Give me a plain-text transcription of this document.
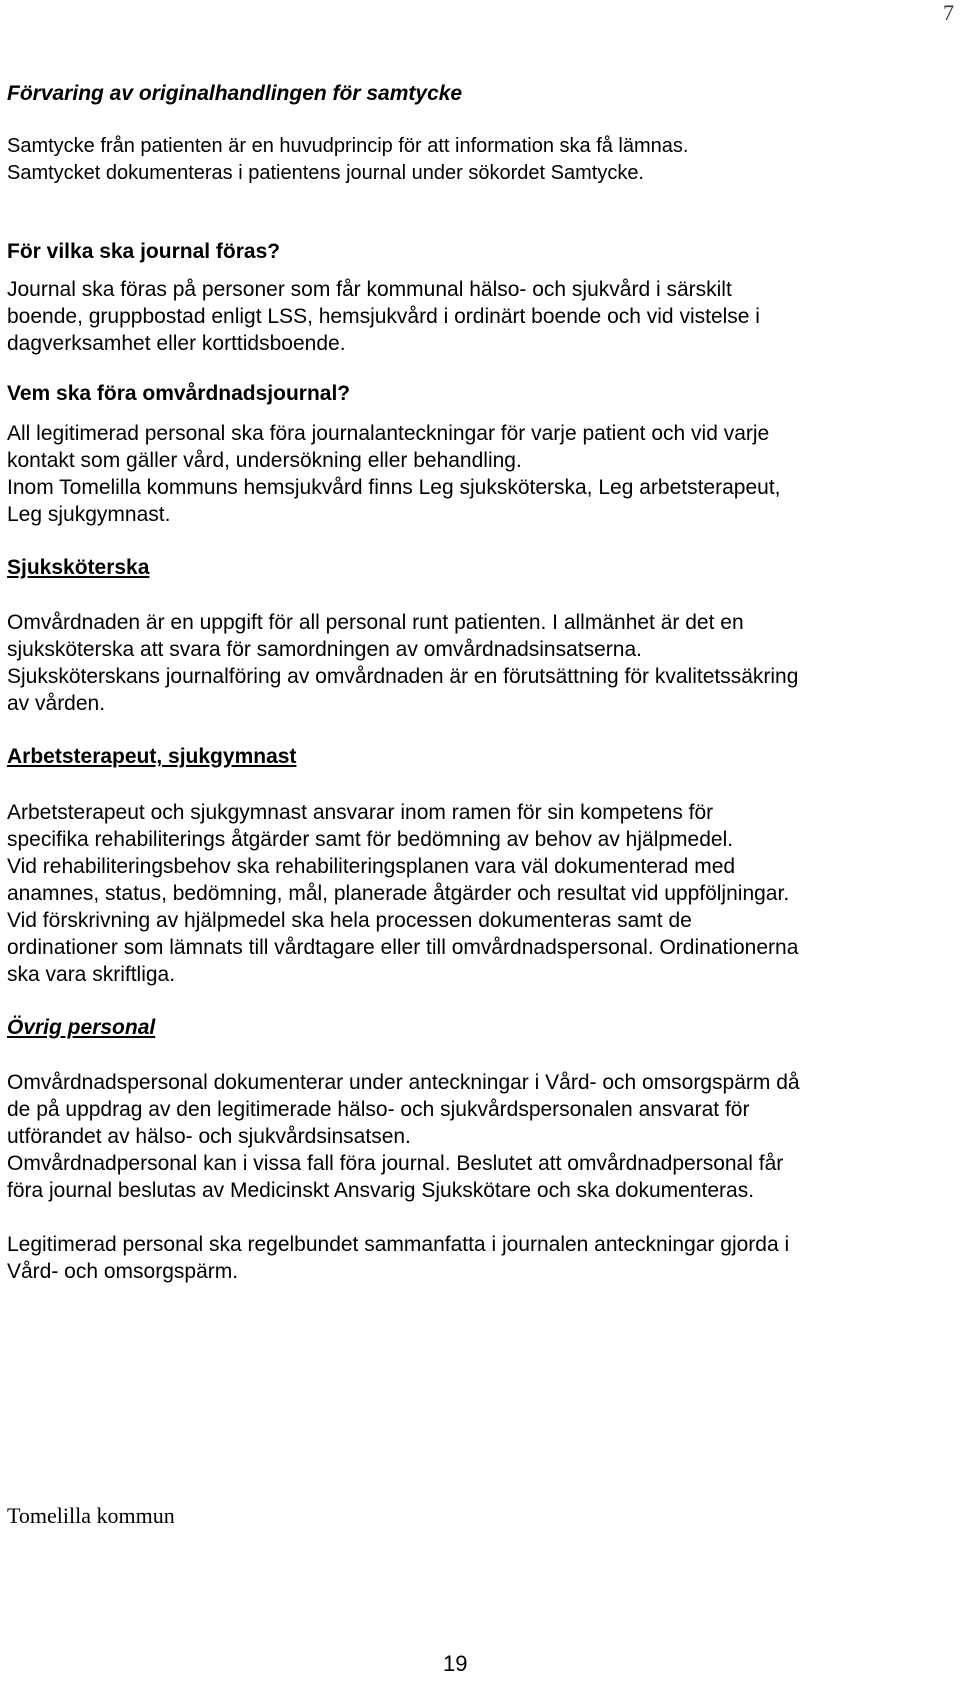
7
Förvaring av originalhandlingen för samtycke
Samtycke från patienten är en huvudprincip för att information ska få lämnas.
Samtycket dokumenteras i patientens journal under sökordet Samtycke.
För vilka ska journal föras?
Journal ska föras på personer som får kommunal hälso- och sjukvård i särskilt
boende, gruppbostad enligt LSS, hemsjukvård i ordinärt boende och vid vistelse i
dagverksamhet eller korttidsboende.
Vem ska föra omvårdnadsjournal?
All legitimerad personal ska föra journalanteckningar för varje patient och vid varje
kontakt som gäller vård, undersökning eller behandling.
Inom Tomelilla kommuns hemsjukvård finns Leg sjuksköterska, Leg arbetsterapeut,
Leg sjukgymnast.
Sjuksköterska
Omvårdnaden är en uppgift för all personal runt patienten. I allmänhet är det en
sjuksköterska att svara för samordningen av omvårdnadsinsatserna.
Sjuksköterskans journalföring av omvårdnaden är en förutsättning för kvalitetssäkring
av vården.
Arbetsterapeut, sjukgymnast
Arbetsterapeut och sjukgymnast ansvarar inom ramen för sin kompetens för
specifika rehabiliterings åtgärder samt för bedömning av behov av hjälpmedel.
Vid rehabiliteringsbehov ska rehabiliteringsplanen vara väl dokumenterad med
anamnes, status, bedömning, mål, planerade åtgärder och resultat vid uppföljningar.
Vid förskrivning av hjälpmedel ska hela processen dokumenteras samt de
ordinationer som lämnats till vårdtagare eller till omvårdnadspersonal. Ordinationerna
ska vara skriftliga.
Övrig personal
Omvårdnadspersonal dokumenterar under anteckningar i Vård- och omsorgspärm då
de på uppdrag av den legitimerade hälso- och sjukvårdspersonalen ansvarat för
utförandet av hälso- och sjukvårdsinsatsen.
Omvårdnadpersonal kan i vissa fall föra journal. Beslutet att omvårdnadpersonal får
föra journal beslutas av Medicinskt Ansvarig Sjukskötare och ska dokumenteras.
Legitimerad personal ska regelbundet sammanfatta i journalen anteckningar gjorda i
Vård- och omsorgspärm.
Tomelilla kommun
19
